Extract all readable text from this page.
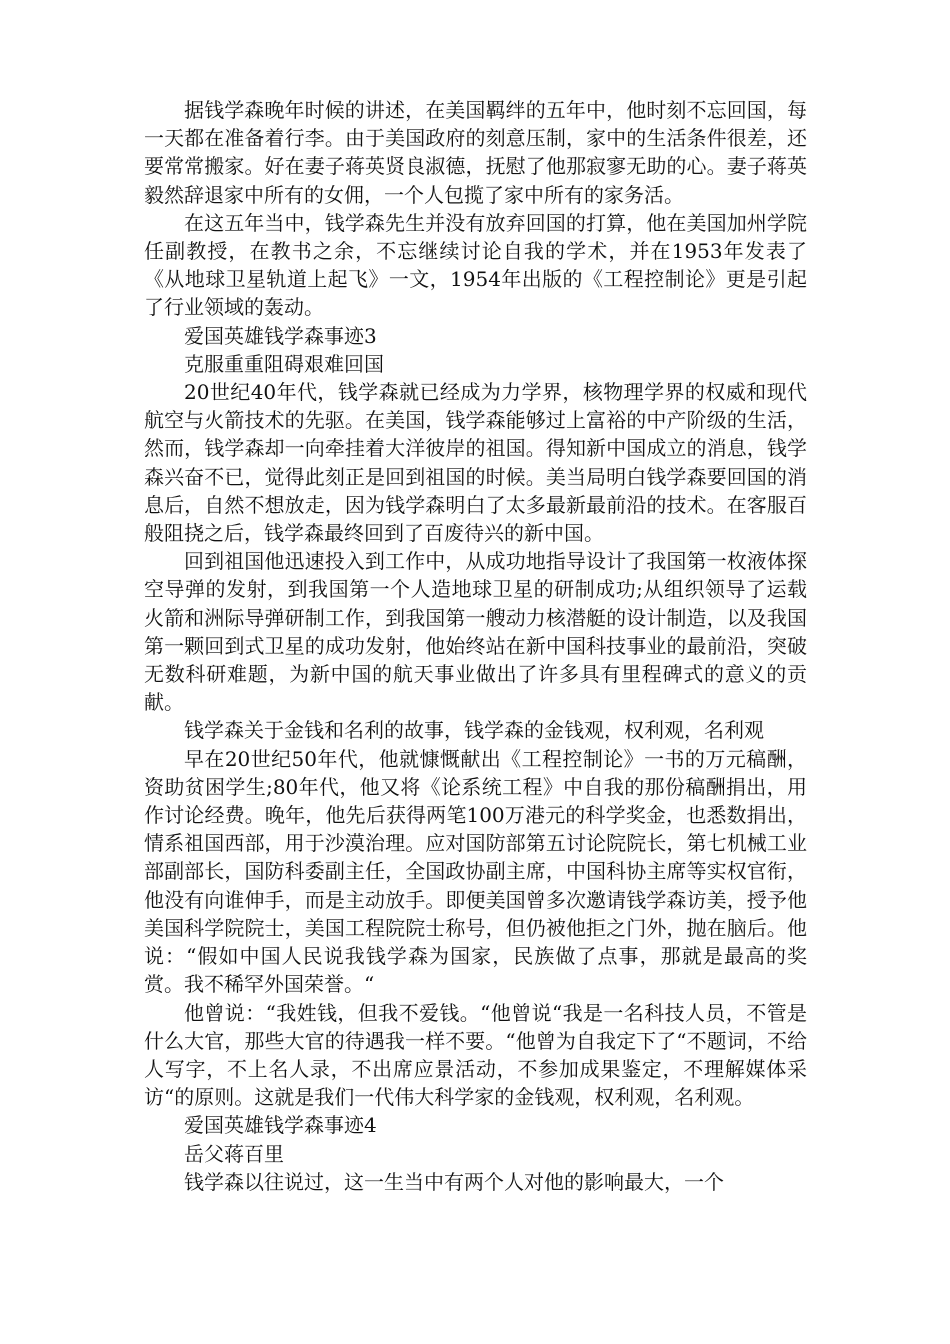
据钱学森晚年时候的讲述，在美国羁绊的五年中，他时刻不忘回国，每一天都在准备着行李。由于美国政府的刻意压制，家中的生活条件很差，还要常常搬家。好在妻子蒋英贤良淑德，抚慰了他那寂寥无助的心。妻子蒋英毅然辞退家中所有的女佣，一个人包揽了家中所有的家务活。

在这五年当中，钱学森先生并没有放弃回国的打算，他在美国加州学院任副教授，在教书之余，不忘继续讨论自我的学术，并在1953年发表了《从地球卫星轨道上起飞》一文，1954年出版的《工程控制论》更是引起了行业领域的轰动。

爱国英雄钱学森事迹3

克服重重阻碍艰难回国

20世纪40年代，钱学森就已经成为力学界，核物理学界的权威和现代航空与火箭技术的先驱。在美国，钱学森能够过上富裕的中产阶级的生活，然而，钱学森却一向牵挂着大洋彼岸的祖国。得知新中国成立的消息，钱学森兴奋不已，觉得此刻正是回到祖国的时候。美当局明白钱学森要回国的消息后，自然不想放走，因为钱学森明白了太多最新最前沿的技术。在客服百般阻挠之后，钱学森最终回到了百废待兴的新中国。

回到祖国他迅速投入到工作中，从成功地指导设计了我国第一枚液体探空导弹的发射，到我国第一个人造地球卫星的研制成功;从组织领导了运载火箭和洲际导弹研制工作，到我国第一艘动力核潜艇的设计制造，以及我国第一颗回到式卫星的成功发射，他始终站在新中国科技事业的最前沿，突破无数科研难题，为新中国的航天事业做出了许多具有里程碑式的意义的贡献。

钱学森关于金钱和名利的故事，钱学森的金钱观，权利观，名利观

早在20世纪50年代，他就慷慨献出《工程控制论》一书的万元稿酬，资助贫困学生;80年代，他又将《论系统工程》中自我的那份稿酬捐出，用作讨论经费。晚年，他先后获得两笔100万港元的科学奖金，也悉数捐出，情系祖国西部，用于沙漠治理。应对国防部第五讨论院院长，第七机械工业部副部长，国防科委副主任，全国政协副主席，中国科协主席等实权官衔，他没有向谁伸手，而是主动放手。即便美国曾多次邀请钱学森访美，授予他美国科学院院士，美国工程院院士称号，但仍被他拒之门外，抛在脑后。他说：“假如中国人民说我钱学森为国家，民族做了点事，那就是最高的奖赏。我不稀罕外国荣誉。“

他曾说：“我姓钱，但我不爱钱。“他曾说“我是一名科技人员，不管是什么大官，那些大官的待遇我一样不要。“他曾为自我定下了“不题词，不给人写字，不上名人录，不出席应景活动，不参加成果鉴定，不理解媒体采访“的原则。这就是我们一代伟大科学家的金钱观，权利观，名利观。

爱国英雄钱学森事迹4

岳父蒋百里

钱学森以往说过，这一生当中有两个人对他的影响最大，一个
